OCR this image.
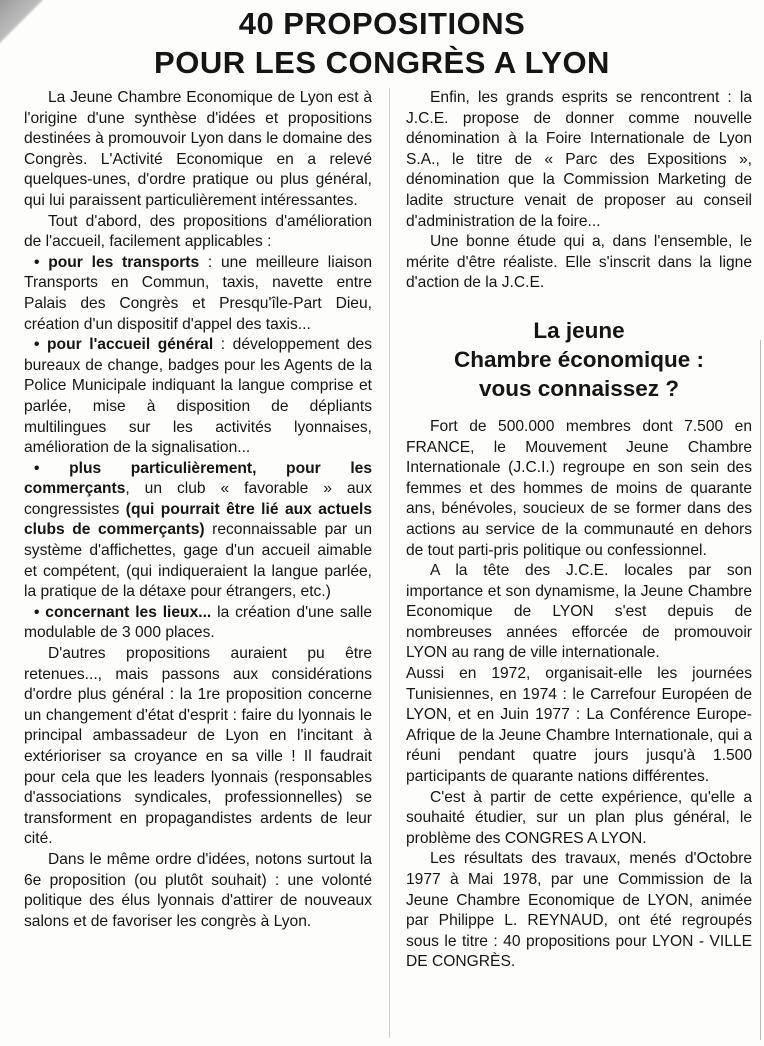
40 PROPOSITIONS
POUR LES CONGRÈS A LYON

La Jeune Chambre Economique de Lyon est à l'origine d'une synthèse d'idées et propositions destinées à promouvoir Lyon dans le domaine des Congrès. L'Activité Economique en a relevé quelques-unes, d'ordre pratique ou plus général, qui lui paraissent particulièrement intéressantes.

Tout d'abord, des propositions d'amélioration de l'accueil, facilement applicables :

• pour les transports : une meilleure liaison Transports en Commun, taxis, navette entre Palais des Congrès et Presqu'île-Part Dieu, création d'un dispositif d'appel des taxis...

• pour l'accueil général : développement des bureaux de change, badges pour les Agents de la Police Municipale indiquant la langue comprise et parlée, mise à disposition de dépliants multilingues sur les activités lyonnaises, amélioration de la signalisation...

• plus particulièrement, pour les commerçants, un club « favorable » aux congressistes (qui pourrait être lié aux actuels clubs de commerçants) reconnaissable par un système d'affichettes, gage d'un accueil aimable et compétent, (qui indiqueraient la langue parlée, la pratique de la détaxe pour étrangers, etc.)

• concernant les lieux... la création d'une salle modulable de 3 000 places.

D'autres propositions auraient pu être retenues..., mais passons aux considérations d'ordre plus général : la 1re proposition concerne un changement d'état d'esprit : faire du lyonnais le principal ambassadeur de Lyon en l'incitant à extérioriser sa croyance en sa ville ! Il faudrait pour cela que les leaders lyonnais (responsables d'associations syndicales, professionnelles) se transforment en propagandistes ardents de leur cité.

Dans le même ordre d'idées, notons surtout la 6e proposition (ou plutôt souhait) : une volonté politique des élus lyonnais d'attirer de nouveaux salons et de favoriser les congrès à Lyon.

Enfin, les grands esprits se rencontrent : la J.C.E. propose de donner comme nouvelle dénomination à la Foire Internationale de Lyon S.A., le titre de « Parc des Expositions », dénomination que la Commission Marketing de ladite structure venait de proposer au conseil d'administration de la foire...

Une bonne étude qui a, dans l'ensemble, le mérite d'être réaliste. Elle s'inscrit dans la ligne d'action de la J.C.E.

La jeune
Chambre économique :
vous connaissez ?

Fort de 500.000 membres dont 7.500 en FRANCE, le Mouvement Jeune Chambre Internationale (J.C.I.) regroupe en son sein des femmes et des hommes de moins de quarante ans, bénévoles, soucieux de se former dans des actions au service de la communauté en dehors de tout parti-pris politique ou confessionnel.

A la tête des J.C.E. locales par son importance et son dynamisme, la Jeune Chambre Economique de LYON s'est depuis de nombreuses années efforcée de promouvoir LYON au rang de ville internationale.

Aussi en 1972, organisait-elle les journées Tunisiennes, en 1974 : le Carrefour Européen de LYON, et en Juin 1977 : La Conférence Europe-Afrique de la Jeune Chambre Internationale, qui a réuni pendant quatre jours jusqu'à 1.500 participants de quarante nations différentes.

C'est à partir de cette expérience, qu'elle a souhaité étudier, sur un plan plus général, le problème des CONGRES A LYON.

Les résultats des travaux, menés d'Octobre 1977 à Mai 1978, par une Commission de la Jeune Chambre Economique de LYON, animée par Philippe L. REYNAUD, ont été regroupés sous le titre : 40 propositions pour LYON - VILLE DE CONGRÈS.
